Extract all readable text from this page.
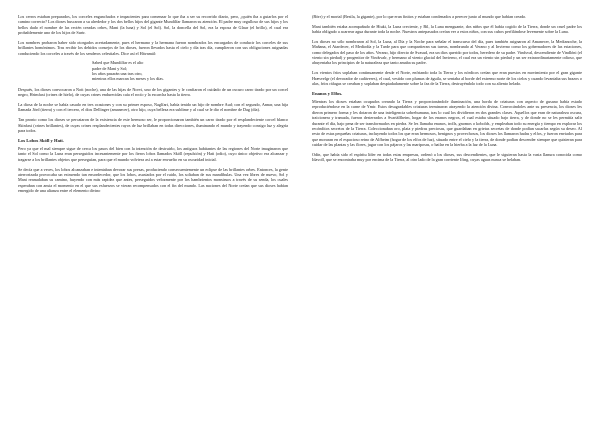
Los cerros estaban preparados, los corceles enganchados e impacientes para comenzar lo que iba a ser su recorrido diario, pero, ¿quién iba a guiarlos por el camino correcto? Los dioses buscaron a su alrededor y los dos bellos hijos del gigante Mundilfar llamaron su atención. El padre muy orgulloso de sus hijos y los bellos dado el nombre de las recién creadas orbes, Mani (la luna) y Sol (el Sol). Sol, la doncella del Sol, era la esposa de Glaur (el brillo), el cual era probablemente uno de los hijos de Surtr.

Los nombres probaron haber sido otorgados acertadamente, pues el hermano y la hermana fueron nombrados los encargados de conducir los corceles de sus brillantes homónimos. Tras recibir los debidos consejos de los dioses, fueron llevados hasta el cielo y día tras día, cumplieron con sus obligaciones asignadas conduciendo los corceles a través de los senderos celestiales. Dice así el Hávamál:

Sabed que Mundilfar es el alto
padre de Mani y Sol;
los años pasarán una tras otro,
mientras ellos marcan los meses y los días.

Después, los dioses convocaron a Nott (noche), una de las hijas de Norvi, uno de los gigantes y le confiaron el cuidado de un oscuro carro tirado por un corcel negro, Hrimfaxi (crines de hielo), de cuyas crines endurecidas caía el rocío y la escarcha hasta la tierra.

La diosa de la noche se había casado en tres ocasiones y con su primer esposo, Naglfari, había tenido un hijo de nombre Aud; con el segundo, Annar, una hija llamada Jörd (tierra) y con el tercero, el dios Dellinger (amanecer), otro hijo, cuya belleza era sublime y al cual se le dio el nombre de Dag (día).

Tan pronto como los dioses se percataron de la existencia de este hermoso ser, le proporcionaron también un carro tirado por el resplandeciente corcel blanco Skinfaxi (crines brillantes), de cuyas crines resplandecientes rayos de luz brillaban en todas direcciones, iluminando el mundo y trayendo consigo luz y alegría para todos.

Los Lobos Sköll y Hati.

Pero ya que el mal siempre sigue de cerca los pasos del bien con la intención de destruirlo, los antiguos habitantes de las regiones del Norte imaginaron que tanto el Sol como la Luna eran perseguidos incesantemente por los fieros lobos llamados Sköll (repulsión) y Hati (odio), cuyo único objetivo era alcanzar y tragarse a los brillantes objetos que perseguían, para que el mundo volviera así a estar envuelto en su oscuridad inicial.

Se decía que a veces, los lobos alcanzaban e intentaban devorar sus presas, produciendo consecuentemente un eclipse de las brillantes orbes. Entonces, la gente aterrorizada provocaba un estruendo tan ensordecedor, que los lobos, asustados por el ruido, los soltaban de sus mandíbulas. Una vez libres de nuevo, Sol y Mani reanudaban su camino, huyendo con más rapidez que antes, perseguidos velozmente por los hambrientos monstruos a través de su senda, los cuales esperaban con ansia el momento en el que sus esfuerzos se vieran recompensados con el fin del mundo. Las naciones del Norte creían que sus dioses habían emergido de una alianza entre el elemento divino

(Börr) y el mortal (Bestla, la gigante), por lo que eran finitos y estaban condenados a perecer junto al mundo que habían creado.

Mani también estaba acompañado de Hiuki, la Luna creciente, y Bil, la Luna menguante, dos niños que él había cogido de la Tierra, donde un cruel padre los había obligado a acarrear agua durante toda la noche. Nuestros antepasados creían ver a estos niños, con sus cubos perfilándose levemente sobre la Luna.

Los dioses no sólo nombraron al Sol, la Luna, al Día y la Noche para señalar el transcurso del día, pues también asignaron al Amanecer, la Medianoche, la Mañana, el Atardecer, el Mediodía y la Tarde para que compartieran sus tareas, nombrando al Verano y al Invierno como los gobernadores de las estaciones, como delegados del paso de los años. Verano, hijo directo de Svasud, era un dios querido por todos, heredero de su padre. Vindsval, descendiente de Vindlóni (el viento sin piedad) y progenitor de Vindsvalr, y hermano al viento glacial del Invierno, el cual era un viento sin piedad y un ser extraordinariamente odioso, que ahuyentaba los principios de la naturaleza que tanto amaba su padre.

Los vientos fríos soplaban continuamente desde el Norte, enfriando toda la Tierra y los nórdicos creían que eran puestos en movimiento por el gran gigante Hræsvelgr (el devorador de cadáveres), el cual, vestido con plumas de águila, se sentaba al borde del extremo norte de los cielos y cuando levantaba sus brazos o alas, fríos ráfagas se creaban y soplaban despiadadamente sobre la faz de la Tierra, destruyéndolo todo con su aliento helado.

Enanos y Elfos.

Mientras los dioses estaban ocupados creando la Tierra y proporcionándole iluminación, una horda de criaturas con aspecto de gusano había estado reproduciéndose en la carne de Ymir. Estos desagradables criaturas terminaron atrayendo la atención divina. Convocándoles ante su presencia, los dioses les dieron primero forma y les dotaron de una inteligencia sobrehumana, tras lo cual los dividieron en dos grandes clases. Aquellos que eran de naturaleza oscura, traicionera y tramada, fueron desterrados a Svartálfheim, hogar de los enanos negros, el cual estaba situado bajo tierra, y de donde no se les permitía salir durante el día, bajo pena de ser transformados en piedra. Se les llamaba enanos, trolls, gnomos o kobolds, y empleaban todo su energía y tiempo en explorar los recónditos secretos de la Tierra. Coleccionaban oro, plata y piedras preciosas, que guardaban en grietas secretas de donde podían sacarlas según su deseo. Al resto de estas pequeñas criaturas, incluyendo todos los que eran hermosos, benignos y provechosos, los dioses los llamaron hadas y elfos, y fueron enviados para que moraran en el espacioso reino de Alfheim (hogar de los elfos de luz), situado entre el cielo y la tierra, de donde podían descender siempre que quisieran para cuidar de las plantas y las flores, jugar con los pájaros y las mariposas, o bailar en la hierba a la luz de la Luna.

Odín, que había sido el espíritu líder en todas estas empresas, ordenó a los dioses, sus descendientes, que le siguieran hasta la vasta llanura conocida como Idavoll, que se encontraba muy por encima de la Tierra, al otro lado de la gran corriente Ifing, cuyas aguas nunca se helaban.
